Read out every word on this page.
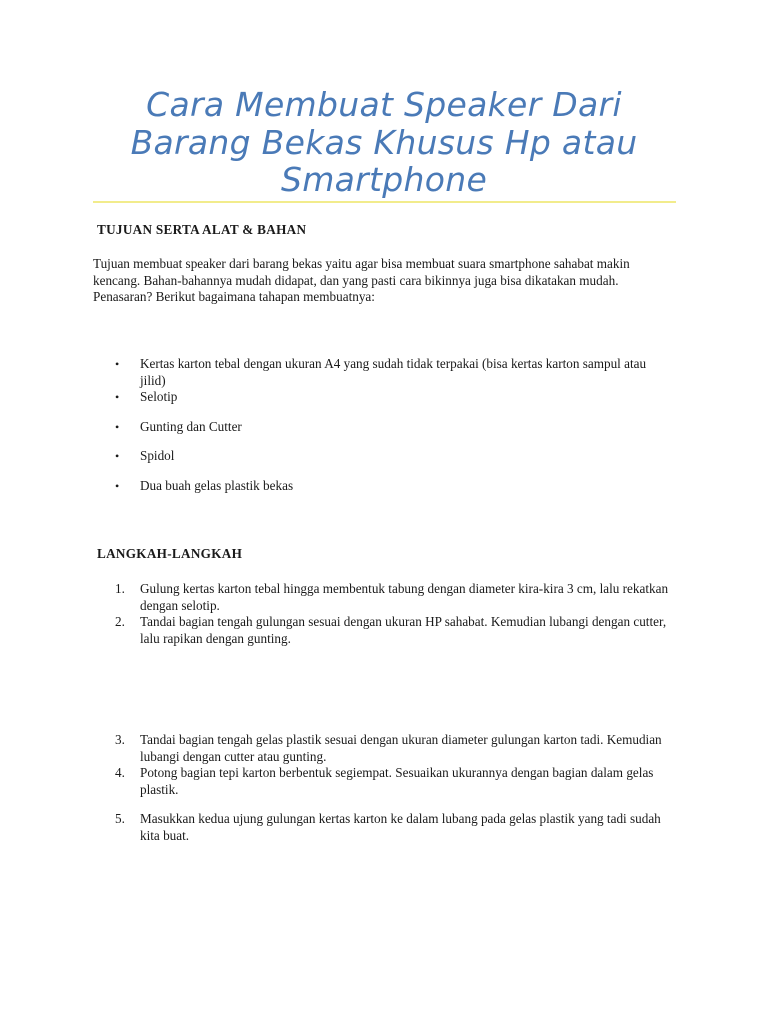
Cara Membuat Speaker Dari Barang Bekas Khusus Hp atau Smartphone
TUJUAN SERTA ALAT & BAHAN

Tujuan membuat speaker dari barang bekas yaitu agar bisa membuat suara smartphone sahabat makin kencang. Bahan-bahannya mudah didapat, dan yang pasti cara bikinnya juga bisa dikatakan mudah. Penasaran? Berikut bagaimana tahapan membuatnya:

• Kertas karton tebal dengan ukuran A4 yang sudah tidak terpakai (bisa kertas karton sampul atau jilid)
• Selotip
• Gunting dan Cutter
• Spidol
• Dua buah gelas plastik bekas
LANGKAH-LANGKAH
1. Gulung kertas karton tebal hingga membentuk tabung dengan diameter kira-kira 3 cm, lalu rekatkan dengan selotip.
2. Tandai bagian tengah gulungan sesuai dengan ukuran HP sahabat. Kemudian lubangi dengan cutter, lalu rapikan dengan gunting.
3. Tandai bagian tengah gelas plastik sesuai dengan ukuran diameter gulungan karton tadi. Kemudian lubangi dengan cutter atau gunting.
4. Potong bagian tepi karton berbentuk segiempat. Sesuaikan ukurannya dengan bagian dalam gelas plastik.
5. Masukkan kedua ujung gulungan kertas karton ke dalam lubang pada gelas plastik yang tadi sudah kita buat.
